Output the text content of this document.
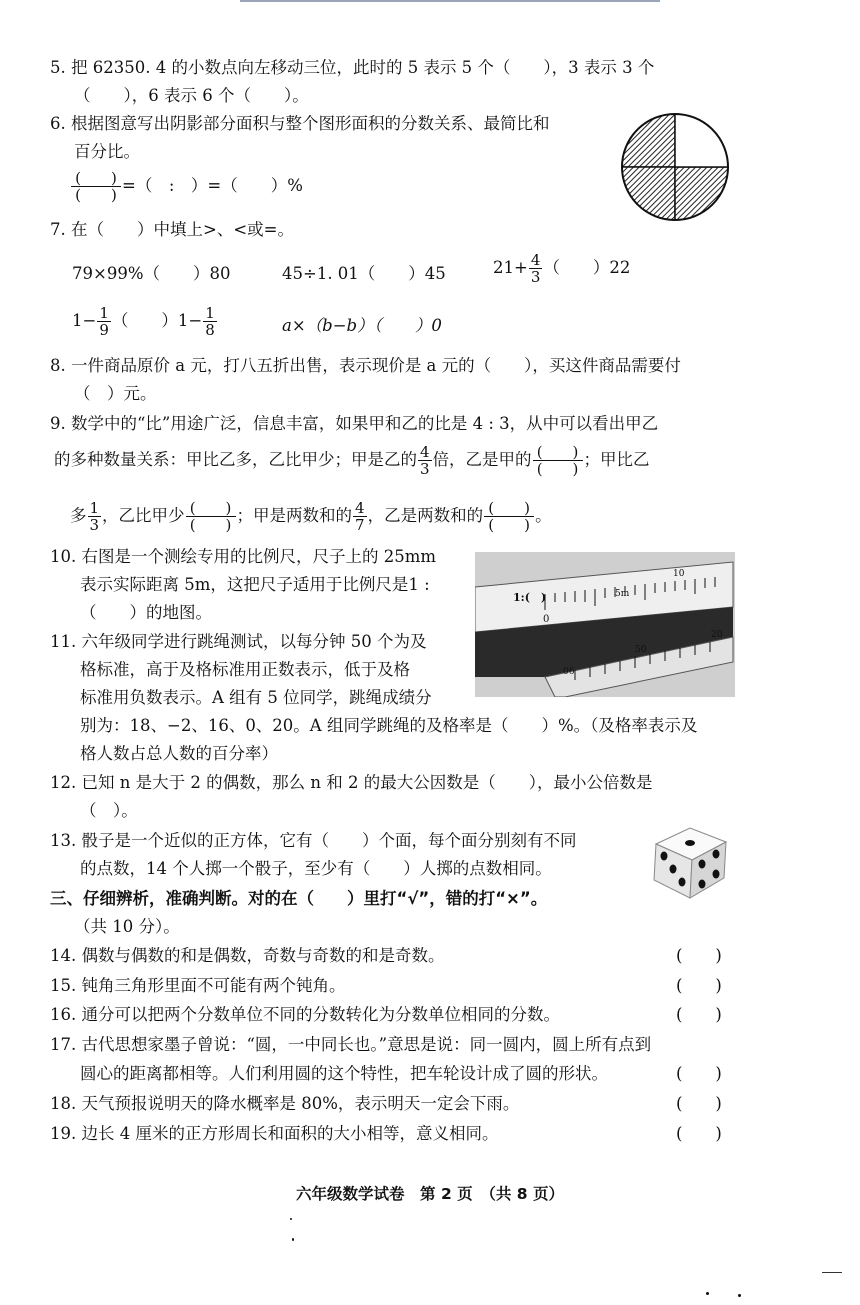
5. 把 62350. 4 的小数点向左移动三位，此时的 5 表示 5 个（　　），3 表示 3 个
（　　），6 表示 6 个（　　）。
6. 根据图意写出阴影部分面积与整个图形面积的分数关系、最简比和
百分比。
$\frac{( )}{( )}$ =（　:　）=（　　）%
7. 在（　　）中填上>、<或=。
79×99%（　　）80	45÷1. 01（　　）45	$21+ \frac{4}{3}$ （　　）22
$1- \frac{1}{9}$ （　　）$1- \frac{1}{8}$	a×（b−b）（　　）0
8. 一件商品原价 a 元，打八五折出售，表示现价是 a 元的（　　），买这件商品需要付
（　）元。
9. 数学中的“比”用途广泛，信息丰富，如果甲和乙的比是 4 : 3，从中可以看出甲乙
的多种数量关系：甲比乙多，乙比甲少；甲是乙的 $\frac{4}{3}$ 倍，乙是甲的 $\frac{( )}{( )}$ ；甲比乙
多 $\frac{1}{3}$ ，乙比甲少 $\frac{( )}{( )}$ ；甲是两数和的 $\frac{4}{7}$ ，乙是两数和的 $\frac{( )}{( )}$ 。
10. 右图是一个测绘专用的比例尺，尺子上的 25mm
表示实际距离 5m，这把尺子适用于比例尺是1 :
（　　）的地图。
1:(　)
0
5m
10
50
20
06
11. 六年级同学进行跳绳测试，以每分钟 50 个为及
格标准，高于及格标准用正数表示，低于及格
标准用负数表示。A 组有 5 位同学，跳绳成绩分
别为：18、−2、16、0、20。A 组同学跳绳的及格率是（　　）%。（及格率表示及
格人数占总人数的百分率）
12. 已知 n 是大于 2 的偶数，那么 n 和 2 的最大公因数是（　　），最小公倍数是
（　）。
13. 骰子是一个近似的正方体，它有（　　）个面，每个面分别刻有不同
的点数，14 个人掷一个骰子，至少有（　　）人掷的点数相同。
三、仔细辨析，准确判断。对的在（　　）里打“√”，错的打“×”。
（共 10 分）。
14. 偶数与偶数的和是偶数，奇数与奇数的和是奇数。	(　　)
15. 钝角三角形里面不可能有两个钝角。	(　　)
16. 通分可以把两个分数单位不同的分数转化为分数单位相同的分数。	(　　)
17. 古代思想家墨子曾说：“圆，一中同长也。”意思是说：同一圆内，圆上所有点到
圆心的距离都相等。人们利用圆的这个特性，把车轮设计成了圆的形状。	(　　)
18. 天气预报说明天的降水概率是 80%，表示明天一定会下雨。	(　　)
19. 边长 4 厘米的正方形周长和面积的大小相等，意义相同。	(　　)
六年级数学试卷　第 2 页　（共 8 页）
